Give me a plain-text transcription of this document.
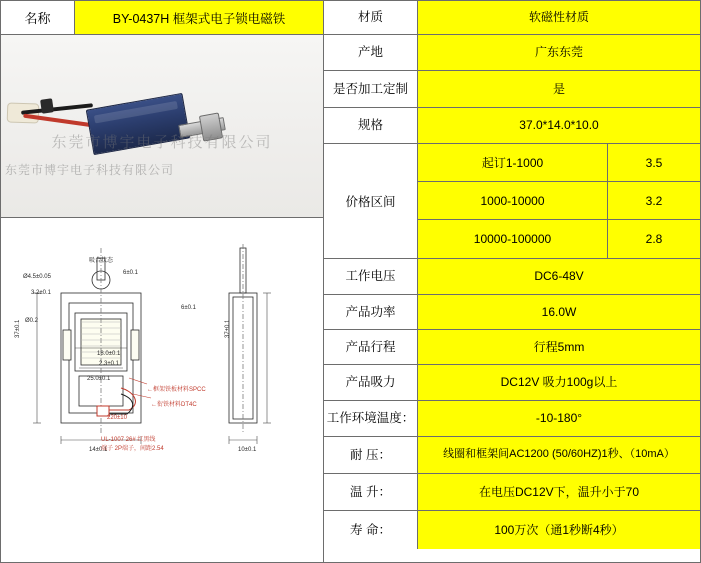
名称	BY-0437H 框架式电子锁电磁铁
东莞市博宇电子科技有限公司
东莞市博宇电子科技有限公司
吸合状态
Ø4.5±0.05
6±0.1
3.2±0.1
Ø0.2
6±0.1
18.0±0.1
2.3±0.1
25.0±0.1
37±0.1
14±0.1	10±0.1
37±0.1
220±10
UL-1007 26# 红黑线
端子 2P端子，间距2.54
←框架铁板材料SPCC
←衔铁材料DT4C
材质	软磁性材质
产地	广东东莞
是否加工定制	是
规格	37.0*14.0*10.0
价格区间
起订1-1000	3.5
1000-10000	3.2
10000-100000	2.8
工作电压	DC6-48V
产品功率	16.0W
产品行程	行程5mm
产品吸力	DC12V 吸力100g以上
工作环境温度：	-10-180°
耐 压：	线圈和框架间AC1200 (50/60HZ)1秒、（10mA）
温 升：	在电压DC12V下，温升小于70
寿 命：	100万次（通1秒断4秒）
